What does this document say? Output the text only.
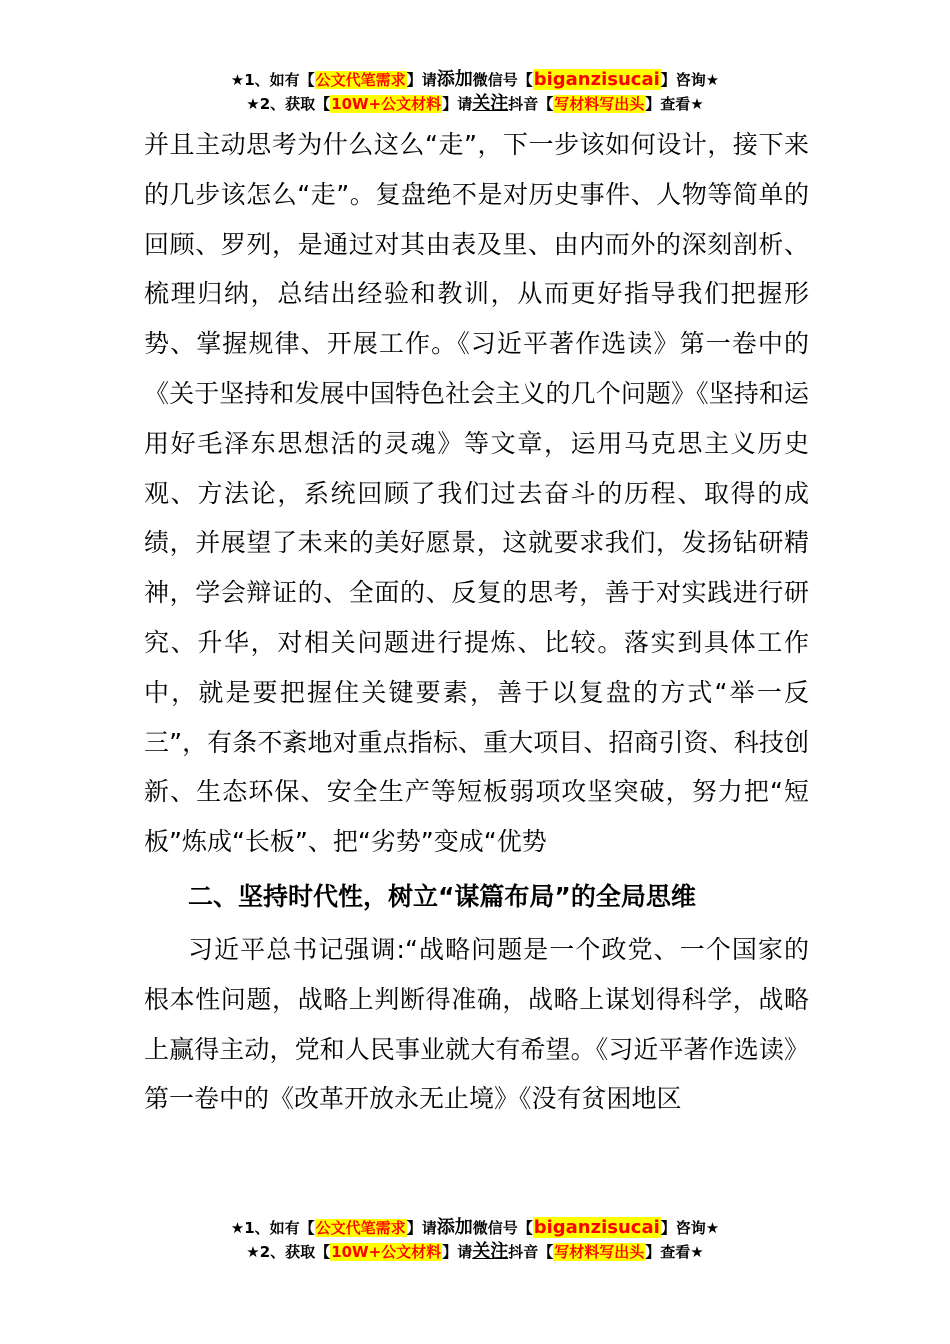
★1、如有【公文代笔需求】请添加微信号【biganzisucai】咨询★
★2、获取【10W+公文材料】请关注抖音【写材料写出头】查看★

并且主动思考为什么这么“走”，下一步该如何设计，接下来的几步该怎么“走”。复盘绝不是对历史事件、人物等简单的回顾、罗列，是通过对其由表及里、由内而外的深刻剖析、梳理归纳，总结出经验和教训，从而更好指导我们把握形势、掌握规律、开展工作。《习近平著作选读》第一卷中的《关于坚持和发展中国特色社会主义的几个问题》《坚持和运用好毛泽东思想活的灵魂》等文章，运用马克思主义历史观、方法论，系统回顾了我们过去奋斗的历程、取得的成绩，并展望了未来的美好愿景，这就要求我们，发扬钻研精神，学会辩证的、全面的、反复的思考，善于对实践进行研究、升华，对相关问题进行提炼、比较。落实到具体工作中，就是要把握住关键要素，善于以复盘的方式“举一反三”，有条不紊地对重点指标、重大项目、招商引资、科技创新、生态环保、安全生产等短板弱项攻坚突破，努力把“短板”炼成“长板”、把“劣势”变成“优势

二、坚持时代性，树立“谋篇布局”的全局思维

习近平总书记强调:“战略问题是一个政党、一个国家的根本性问题，战略上判断得准确，战略上谋划得科学，战略上赢得主动，党和人民事业就大有希望。《习近平著作选读》第一卷中的《改革开放永无止境》《没有贫困地区

★1、如有【公文代笔需求】请添加微信号【biganzisucai】咨询★
★2、获取【10W+公文材料】请关注抖音【写材料写出头】查看★
